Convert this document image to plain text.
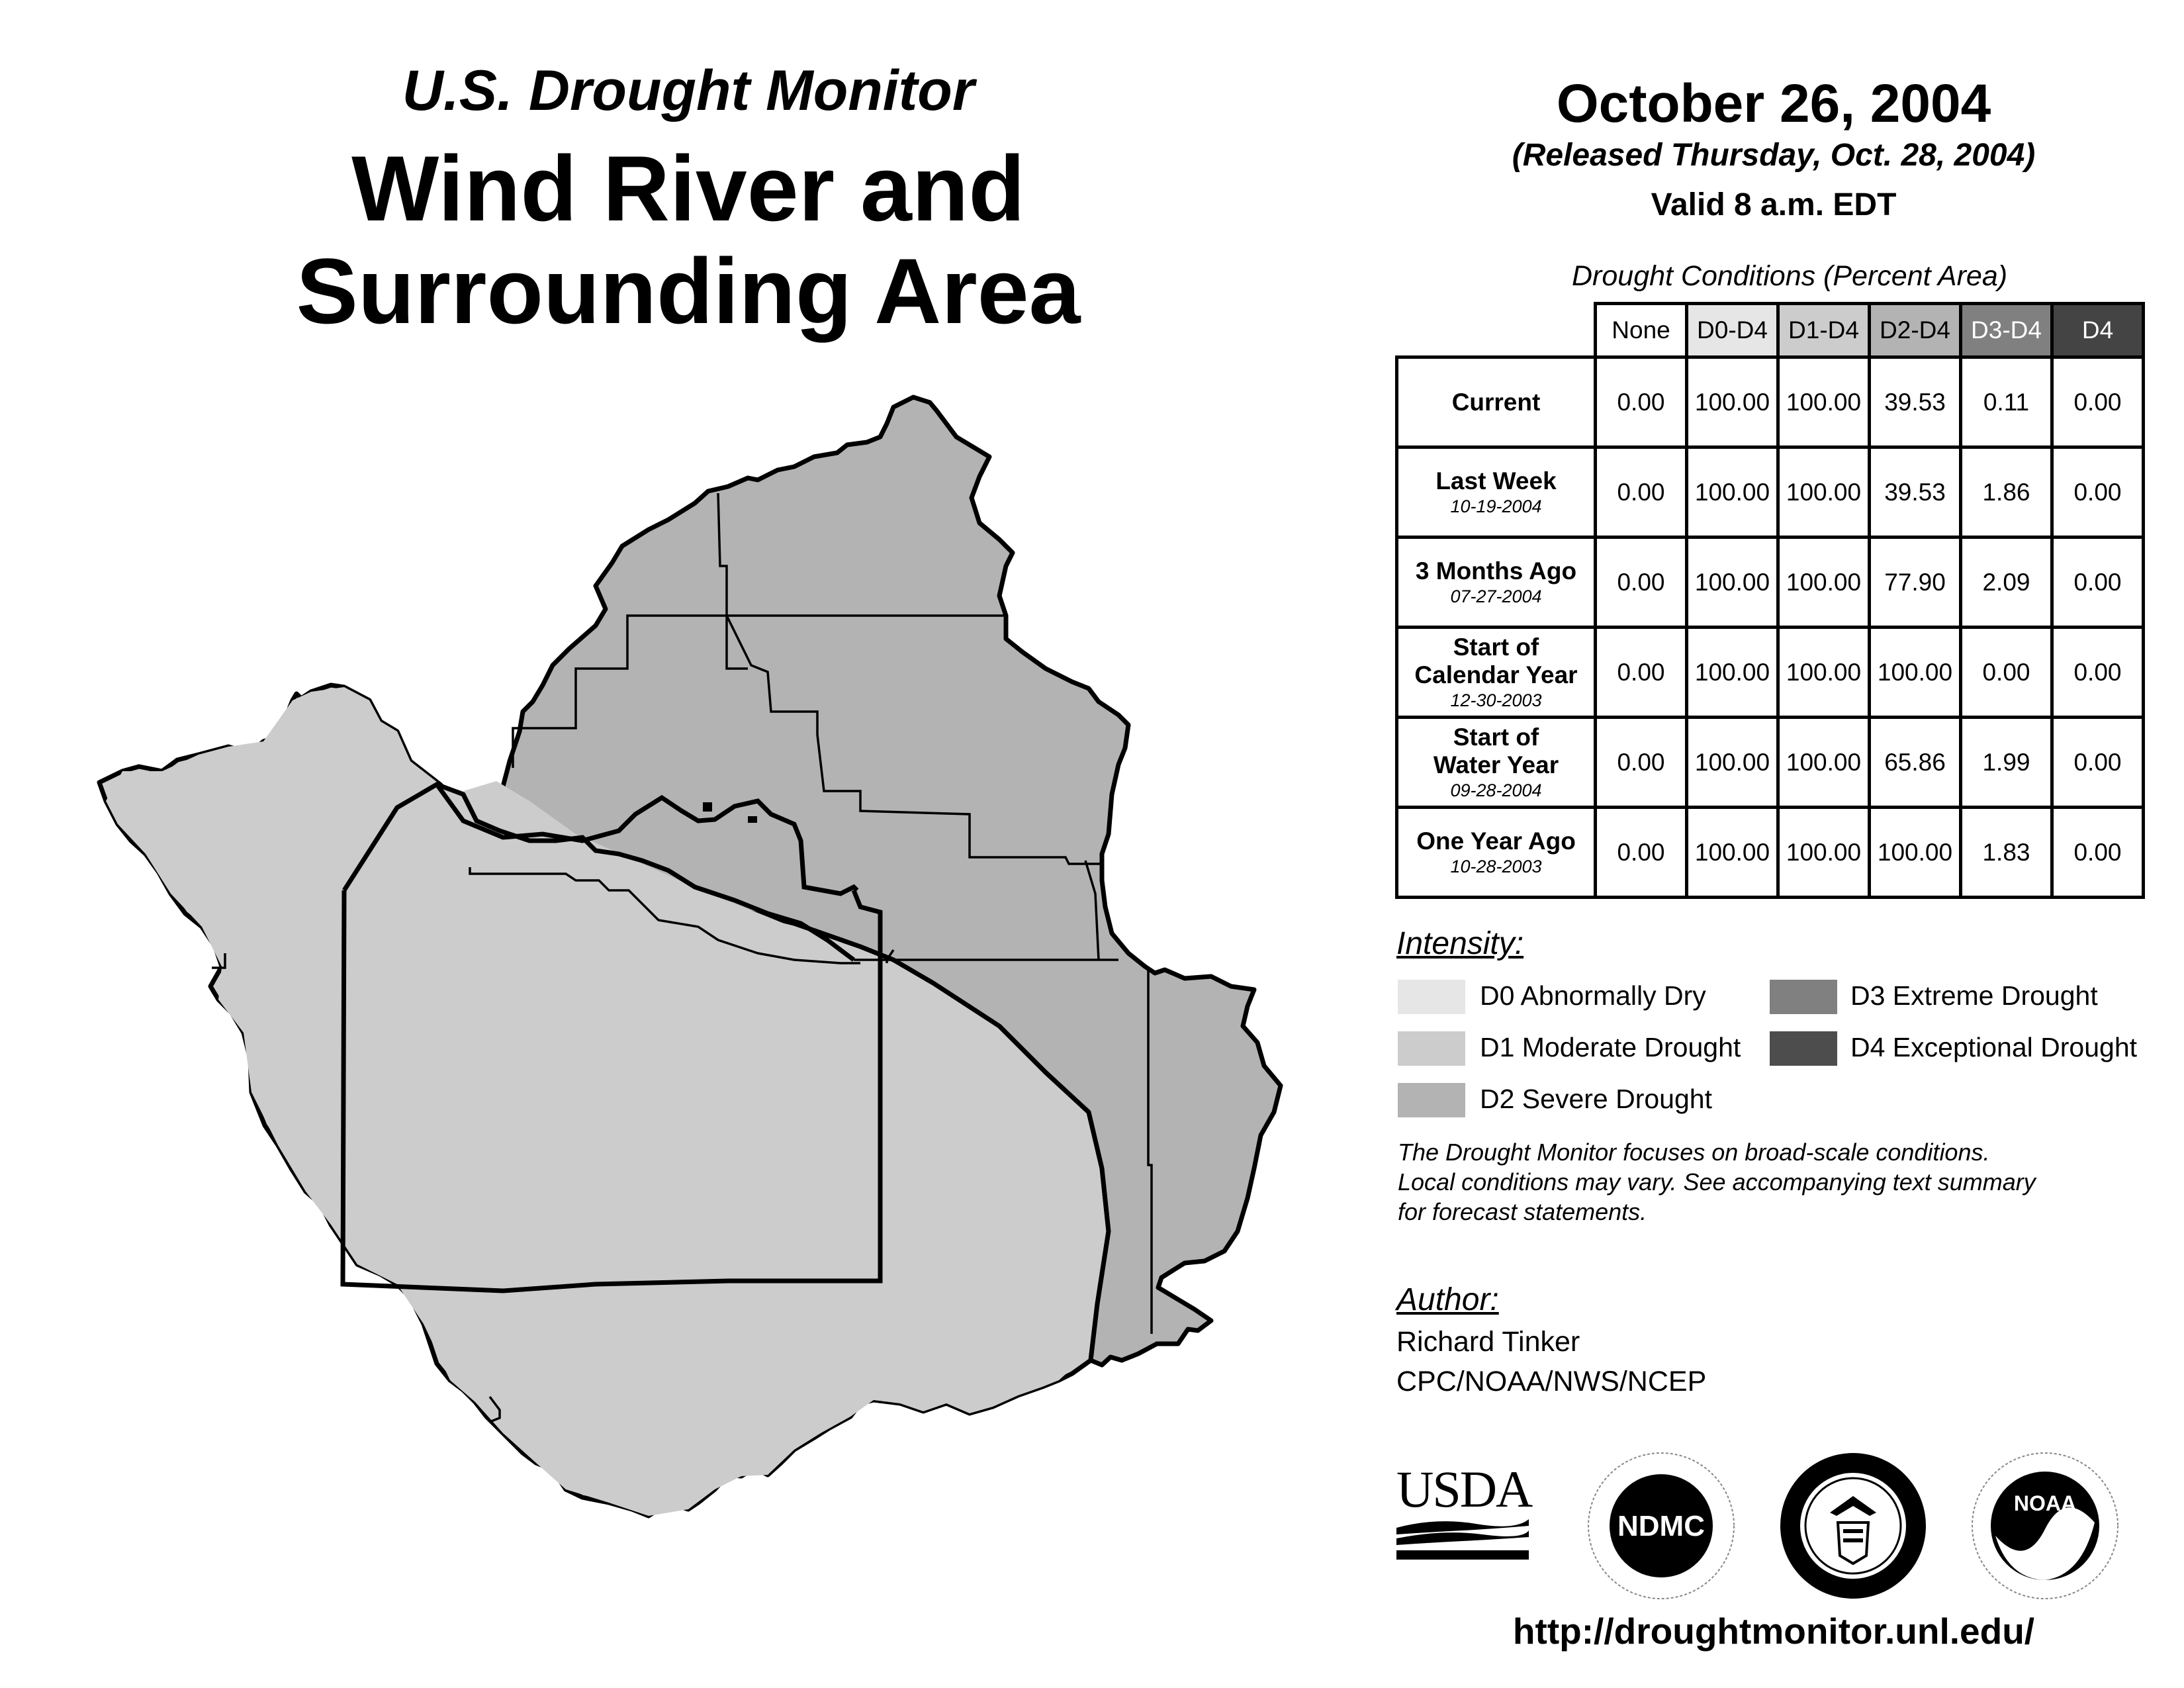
U.S. Drought Monitor
Wind River and
Surrounding Area
October 26, 2004
(Released Thursday, Oct. 28, 2004)
Valid 8 a.m. EDT
Drought Conditions (Percent Area)
	None	D0-D4	D1-D4	D2-D4	D3-D4	D4
Current	0.00	100.00	100.00	39.53	0.11	0.00
Last Week
10-19-2004	0.00	100.00	100.00	39.53	1.86	0.00
3 Months Ago
07-27-2004	0.00	100.00	100.00	77.90	2.09	0.00
Start of
Calendar Year
12-30-2003	0.00	100.00	100.00	100.00	0.00	0.00
Start of
Water Year
09-28-2004	0.00	100.00	100.00	65.86	1.99	0.00
One Year Ago
10-28-2003	0.00	100.00	100.00	100.00	1.83	0.00
Intensity:
D0 Abnormally Dry
D1 Moderate Drought
D2 Severe Drought
D3 Extreme Drought
D4 Exceptional Drought
The Drought Monitor focuses on broad-scale conditions.
Local conditions may vary. See accompanying text summary
for forecast statements.
Author:
Richard Tinker
CPC/NOAA/NWS/NCEP
USDA
NDMC
NOAA
http://droughtmonitor.unl.edu/
